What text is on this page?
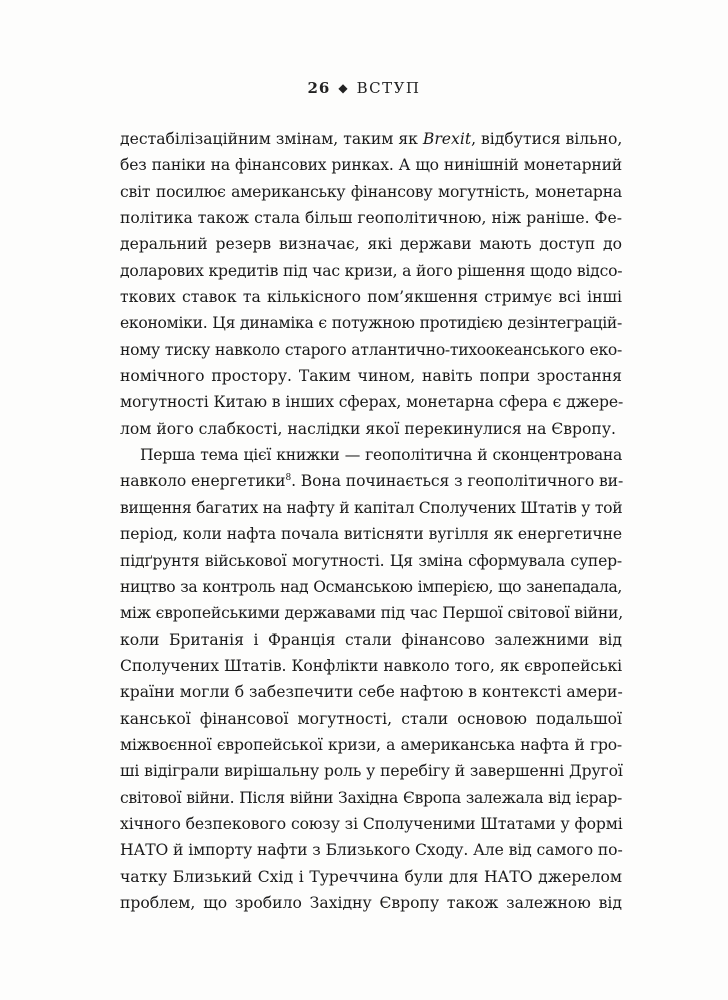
26 ◆ ВСТУП
дестабілізаційним змінам, таким як Brexit, відбутися вільно,
без паніки на фінансових ринках. А що нинішній монетарний
світ посилює американську фінансову могутність, монетарна
політика також стала більш геополітичною, ніж раніше. Фе-
деральний резерв визначає, які держави мають доступ до
доларових кредитів під час кризи, а його рішення щодо відсо-
ткових ставок та кількісного пом’якшення стримує всі інші
економіки. Ця динаміка є потужною протидією дезінтеграцій-
ному тиску навколо старого атлантично-тихоокеанського еко-
номічного простору. Таким чином, навіть попри зростання
могутності Китаю в інших сферах, монетарна сфера є джере-
лом його слабкості, наслідки якої перекинулися на Європу.
Перша тема цієї книжки — геополітична й сконцентрована
навколо енергетики$^8$. Вона починається з геополітичного ви-
вищення багатих на нафту й капітал Сполучених Штатів у той
період, коли нафта почала витісняти вугілля як енергетичне
підґрунтя військової могутності. Ця зміна сформувала супер-
ництво за контроль над Османською імперією, що занепадала,
між європейськими державами під час Першої світової війни,
коли Британія і Франція стали фінансово залежними від
Сполучених Штатів. Конфлікти навколо того, як європейські
країни могли б забезпечити себе нафтою в контексті амери-
канської фінансової могутності, стали основою подальшої
міжвоєнної європейської кризи, а американська нафта й гро-
ші відіграли вирішальну роль у перебігу й завершенні Другої
світової війни. Після війни Західна Європа залежала від ієрар-
хічного безпекового союзу зі Сполученими Штатами у формі
НАТО й імпорту нафти з Близького Сходу. Але від самого по-
чатку Близький Схід і Туреччина були для НАТО джерелом
проблем, що зробило Західну Європу також залежною від
